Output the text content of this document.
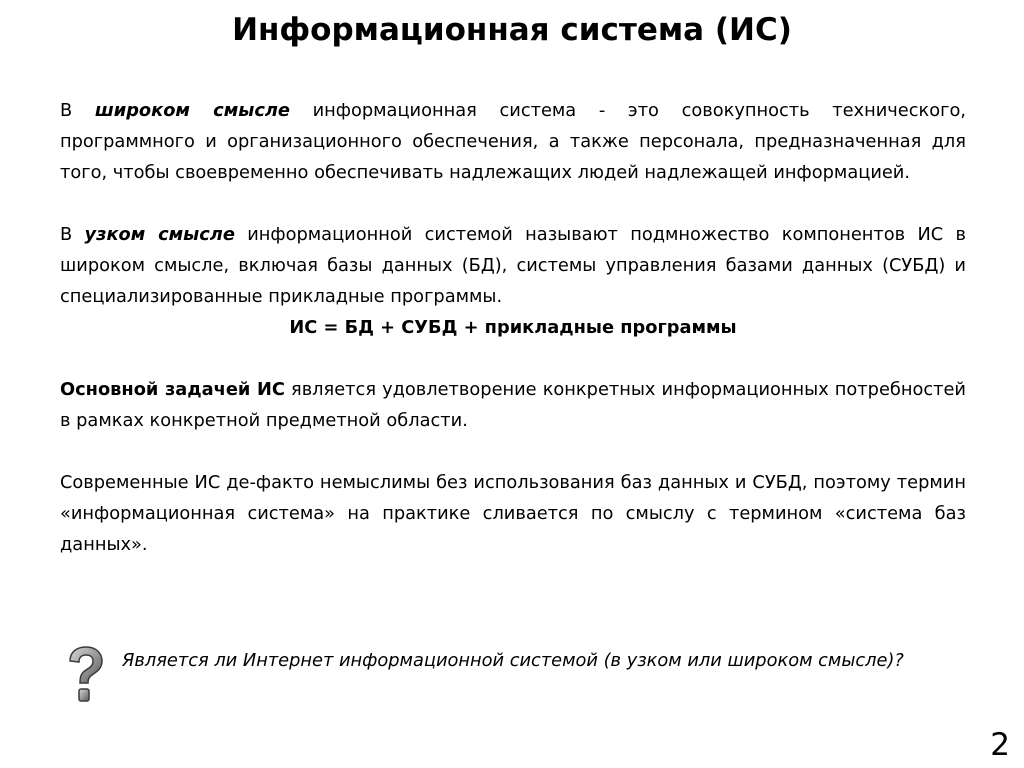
Информационная система (ИС)

В широком смысле информационная система - это совокупность технического, программного и организационного обеспечения, а также персонала, предназначенная для того, чтобы своевременно обеспечивать надлежащих людей надлежащей информацией.

В узком смысле информационной системой называют подмножество компонентов ИС в широком смысле, включая базы данных (БД), системы управления базами данных (СУБД) и специализированные прикладные программы.

ИС = БД + СУБД + прикладные программы

Основной задачей ИС является удовлетворение конкретных информационных потребностей в рамках конкретной предметной области.

Современные ИС де-факто немыслимы без использования баз данных и СУБД, поэтому термин «информационная система» на практике сливается по смыслу с термином «система баз данных».

Является ли Интернет информационной системой (в узком или широком смысле)?

2
